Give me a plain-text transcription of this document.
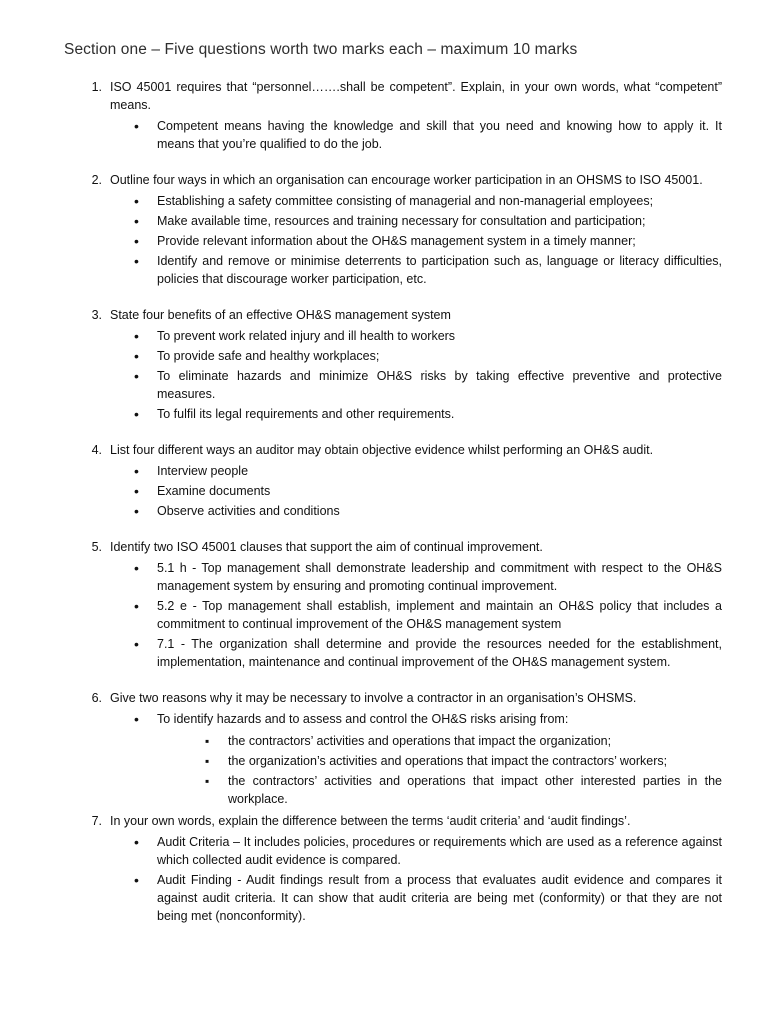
Section one – Five questions worth two marks each – maximum 10 marks
1. ISO 45001 requires that “personnel…….shall be competent”. Explain, in your own words, what “competent” means.
• Competent means having the knowledge and skill that you need and knowing how to apply it. It means that you’re qualified to do the job.
2. Outline four ways in which an organisation can encourage worker participation in an OHSMS to ISO 45001.
• Establishing a safety committee consisting of managerial and non-managerial employees;
• Make available time, resources and training necessary for consultation and participation;
• Provide relevant information about the OH&S management system in a timely manner;
• Identify and remove or minimise deterrents to participation such as, language or literacy difficulties, policies that discourage worker participation, etc.
3. State four benefits of an effective OH&S management system
• To prevent work related injury and ill health to workers
• To provide safe and healthy workplaces;
• To eliminate hazards and minimize OH&S risks by taking effective preventive and protective measures.
• To fulfil its legal requirements and other requirements.
4. List four different ways an auditor may obtain objective evidence whilst performing an OH&S audit.
• Interview people
• Examine documents
• Observe activities and conditions
5. Identify two ISO 45001 clauses that support the aim of continual improvement.
• 5.1 h - Top management shall demonstrate leadership and commitment with respect to the OH&S management system by ensuring and promoting continual improvement.
• 5.2 e - Top management shall establish, implement and maintain an OH&S policy that includes a commitment to continual improvement of the OH&S management system
• 7.1 - The organization shall determine and provide the resources needed for the establishment, implementation, maintenance and continual improvement of the OH&S management system.
6. Give two reasons why it may be necessary to involve a contractor in an organisation’s OHSMS.
• To identify hazards and to assess and control the OH&S risks arising from:
▪ the contractors’ activities and operations that impact the organization;
▪ the organization’s activities and operations that impact the contractors’ workers;
▪ the contractors’ activities and operations that impact other interested parties in the workplace.
7. In your own words, explain the difference between the terms ‘audit criteria’ and ‘audit findings’.
• Audit Criteria – It includes policies, procedures or requirements which are used as a reference against which collected audit evidence is compared.
• Audit Finding - Audit findings result from a process that evaluates audit evidence and compares it against audit criteria. It can show that audit criteria are being met (conformity) or that they are not being met (nonconformity).
